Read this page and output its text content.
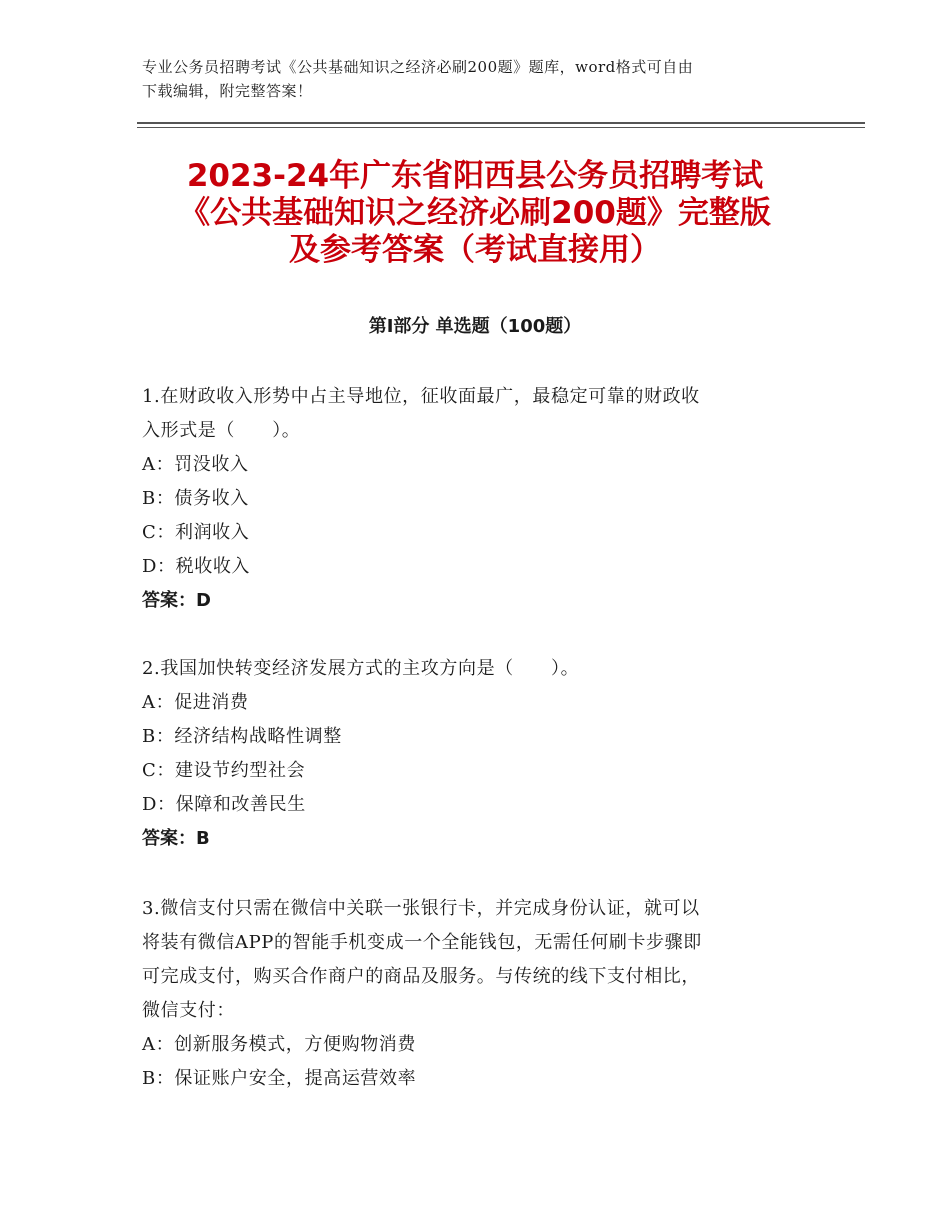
专业公务员招聘考试《公共基础知识之经济必刷200题》题库，word格式可自由
下载编辑，附完整答案！
2023-24年广东省阳西县公务员招聘考试
《公共基础知识之经济必刷200题》完整版
及参考答案（考试直接用）
第Ⅰ部分 单选题（100题）
1.在财政收入形势中占主导地位，征收面最广，最稳定可靠的财政收
入形式是（　　）。
A：罚没收入
B：债务收入
C：利润收入
D：税收收入
答案：D
2.我国加快转变经济发展方式的主攻方向是（　　）。
A：促进消费
B：经济结构战略性调整
C：建设节约型社会
D：保障和改善民生
答案：B
3.微信支付只需在微信中关联一张银行卡，并完成身份认证，就可以
将装有微信APP的智能手机变成一个全能钱包，无需任何刷卡步骤即
可完成支付，购买合作商户的商品及服务。与传统的线下支付相比，
微信支付：
A：创新服务模式，方便购物消费
B：保证账户安全，提高运营效率
